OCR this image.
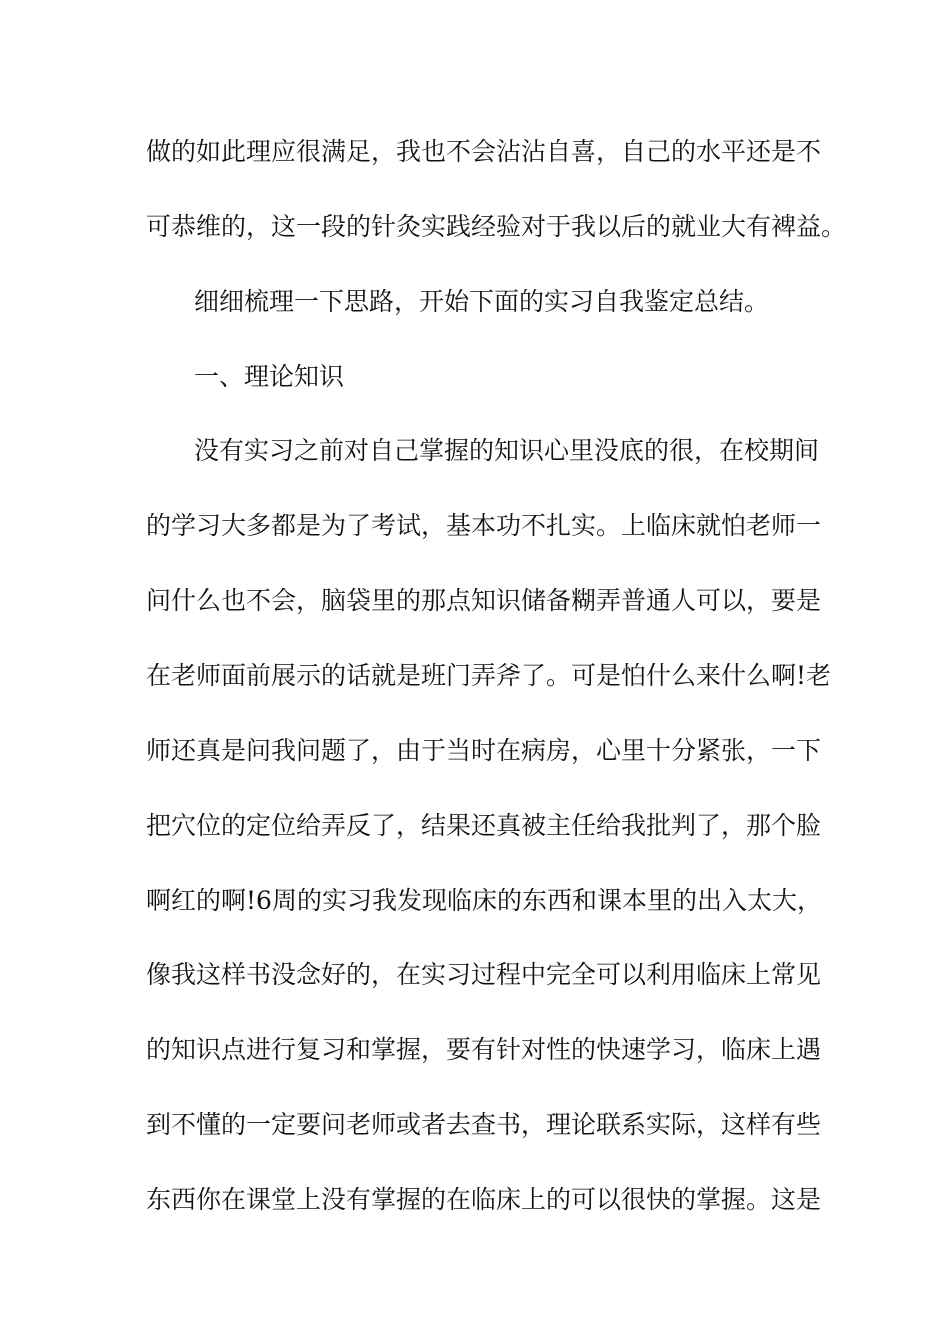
做的如此理应很满足，我也不会沾沾自喜，自己的水平还是不
可恭维的，这一段的针灸实践经验对于我以后的就业大有裨益。
细细梳理一下思路，开始下面的实习自我鉴定总结。
一、理论知识
没有实习之前对自己掌握的知识心里没底的很，在校期间
的学习大多都是为了考试，基本功不扎实。上临床就怕老师一
问什么也不会，脑袋里的那点知识储备糊弄普通人可以，要是
在老师面前展示的话就是班门弄斧了。可是怕什么来什么啊!老
师还真是问我问题了，由于当时在病房，心里十分紧张，一下
把穴位的定位给弄反了，结果还真被主任给我批判了，那个脸
啊红的啊!6周的实习我发现临床的东西和课本里的出入太大，
像我这样书没念好的，在实习过程中完全可以利用临床上常见
的知识点进行复习和掌握，要有针对性的快速学习，临床上遇
到不懂的一定要问老师或者去查书，理论联系实际，这样有些
东西你在课堂上没有掌握的在临床上的可以很快的掌握。这是
